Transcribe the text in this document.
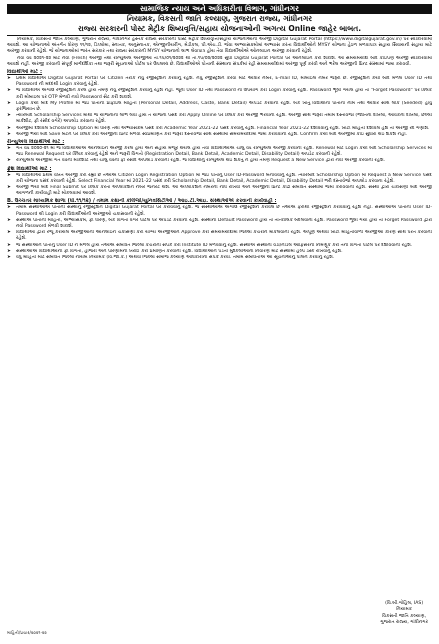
સામાજિક ન્યાય અને અધિકારીતા વિભાગ, ગાંધીનગર
નિયામક, વિકસતી જાતિ કલ્યાણ, ગુજરાત રાજ્ય, ગાંધીનગર
રાજ્ય સરકારની પોસ્ટ મેટ્રીક શિષ્યવૃત્તિ/સહાય યોજનાઓની અગત્ય Online જાહેર બાબત.

નિયામક, વિકસતી જાતિ કલ્યાણ, ગુજરાત રાજ્ય, ગાંધીનગર હસ્તક રાજ્ય સરકારની પોસ્ટ મેટ્રીક શિષ્યવૃત્તિ/સહાય યોજનાઓની અરજી Digital Gujarat Portal (https://www.digitalgujarat.gov.in) પર સ્વીકારવામાં આવશે. આ યોજનાઓ અંતર્ગત ધોરણ ૧૧/૧૨, ડિપ્લોમા, સ્નાતક, અનુસ્નાતક, એન્જીનીયરીંગ, મેડીકલ, પી.એચ.ડી. જેવા અભ્યાસક્રમોમાં અભ્યાસ કરતા વિદ્યાર્થીઓને MYSY યોજના હેઠળ મળવાપાત્ર સહાય સિવાયની સહાય માટે અરજી કરવાની રહેશે. જે યોજનાઓમાં ભારત સરકાર તથા રાજ્ય સરકારની MYSY યોજનાનો લાભ લેવાપાત્ર હોય તેવા વિદ્યાર્થીઓએ ઓનલાઇન અરજી કરવાની રહેશે.

નવા વર્ષ ૨૦૨૧-૨૨ માટે નવી (Fresh) અરજી તથા રીન્યુઅલ અરજીઓ તા.૧૫/૦૧/૨૦૨૨ થી તા.૧૫/૦૨/૨૦૨૨ સુધી Digital Gujarat Portal પર ઓનલાઇન કરી શકાશે. આ સમયમર્યાદા બાદ કોઇપણ અરજી સ્વીકારવામાં આવશે નહીં. અરજી કરવાની સંપૂર્ણ માર્ગદર્શિકા તથા જરૂરી સૂચનાઓ પોર્ટલ પર ઉપલબ્ધ છે. વિદ્યાર્થીઓએ પોતાની સંસ્થાના સંપર્કમાં રહી સમયમર્યાદામાં અરજી પૂર્ણ કરવી અને ભરેલ અરજીની પ્રિન્ટ સંસ્થામાં જમા કરાવવી.

વિદ્યાર્થીઓ માટે :
➤	પ્રથમ વિદ્યાર્થીએ Digital Gujarat Portal પર Citizen તરીકે નવું રજીસ્ટ્રેશન કરવાનું રહેશે. નવું રજીસ્ટ્રેશન કરવા માટે આધાર નંબર, E-mail ID, મોબાઇલ નંબર જરૂરી છે. રજીસ્ટ્રેશન કર્યા બાદ મળેલ User ID તથા Password ની મદદથી Login કરવાનું રહેશે.
➤	જે વિદ્યાર્થીએ અગાઉ રજીસ્ટ્રેશન કરેલ હોય તેમણે નવું રજીસ્ટ્રેશન કરવાનું રહેશે નહીં. જૂના User ID તથા Password નો ઉપયોગ કરી Login કરવાનું રહેશે. Password ભૂલી ગયેલ હોય તો "Forget Password" પર ક્લિક કરી મોબાઇલ પર OTP મેળવી નવો Password સેટ કરી શકાશે.
➤	Login કર્યા બાદ My Profile માં જઇ પોતાની પ્રોફાઇલ માહિતી (Personal Detail, Address, Caste, Bank Detail) અપડેટ કરવાની રહેશે. બેંક ખાતું વિદ્યાર્થીના પોતાના નામે તથા આધાર સાથે લીંક (Seeded) હોવું ફરજિયાત છે.
➤	ત્યારબાદ Scholarship Services માંથી જે યોજનાનો લાભ લેવો હોય તે યોજના પસંદ કરી Apply Online પર ક્લિક કરી અરજી ભરવાની રહેશે. અરજી સાથે જરૂરી તમામ દસ્તાવેજો (જાતિનો દાખલો, આવકનો દાખલો, છેલ્લી માર્કશીટ, ફી રસીદ વગેરે) અપલોડ કરવાના રહેશે.
➤	અરજીમાં દર્શાવેલ Scholarship Option માં ધોરણ તથા અભ્યાસક્રમ પસંદ કરી Academic Year 2021-22 પસંદ કરવાનું રહેશે. Financial Year 2021-22 દર્શાવવાનું રહેશે. ખોટી માહિતી દર્શાવેલ હશે તો અરજી રદ ગણાશે.
➤	અરજી ભર્યા બાદ Save બટન પર ક્લિક કરી અરજીની પ્રિન્ટ મેળવી સ્વપ્રમાણિત કરી જરૂરી દસ્તાવેજો સાથે સંસ્થામાં સમયમર્યાદામાં જમા કરાવવાની રહેશે. Confirm કર્યા બાદ અરજીમાં કોઇ સુધારો થઇ શકશે નહીં.
રીન્યુઅલ વિદ્યાર્થીઓ માટે :
➤	ગત વર્ષે ૨૦૨૦-૨૧ માં જે વિદ્યાર્થીઓએ ઓનલાઇન અરજી કરેલ હોય અને સહાય મંજૂર થયેલ હોય તેવા વિદ્યાર્થીઓએ ચાલુ વર્ષે રીન્યુઅલ અરજી કરવાની રહેશે. Renewal માટે Login કર્યા બાદ Scholarship Services માં જઇ Renewal Request પર ક્લિક કરવાનું રહેશે અને જરૂરી વિગતો (Registration Detail, Bank Detail, Academic Detail, Disability Detail) અપડેટ કરવાની રહેશે.
➤	રીન્યુઅલ અરજીમાં ગત વર્ષની માર્કશીટ તથા ચાલુ વર્ષની ફી રસીદ અપલોડ કરવાની રહેશે. જે વિદ્યાર્થીનું રીન્યુઅલ થઇ શકતું ન હોય તેમણે Request a New Service દ્વારા નવી અરજી કરવાની રહેશે.
ફ્રેશ વિદ્યાર્થીઓ માટે :
➤	જે વિદ્યાર્થીઓ પ્રથમ વખત અરજી કરી રહ્યા છે તેઓએ Citizen Login Registration Option માં જઇ પોતાનું User ID-Password બનાવવાનું રહેશે. ત્યારબાદ Scholarship Option માં Request a New Service પસંદ કરી યોજના પસંદ કરવાની રહેશે. Select Financial Year માં 2021-22 પસંદ કરી Scholarship Detail, Bank Detail, Academic Detail, Disability Detail ભરી દસ્તાવેજો અપલોડ કરવાના રહેશે.
➤	અરજી ભર્યા બાદ Final Submit પર ક્લિક કરતાં એપ્લીકેશન નંબર જનરેટ થશે. આ એપ્લીકેશન નંબરની નોંધ રાખવી અને અરજીની પ્રિન્ટ કાઢી સંબંધિત સંસ્થામાં જમા કરાવવાની રહેશે. સંસ્થા દ્વારા ચકાસણી બાદ અરજી આગળની કાર્યવાહી માટે મોકલવામાં આવશે.
B. ઉચ્ચતર માધ્યમિક શાળા (ધો.૧૧/૧૨) / તમામ કક્ષાની કોલેજો/યુનિવર્સિટીઓ / આઇ.ટી.આઇ. સંસ્થાઓએ કરવાની કાર્યવાહી :
➤	તમામ સંસ્થાઓએ પોતાની સંસ્થાનું રજીસ્ટ્રેશન Digital Gujarat Portal પર કરાવવાનું રહેશે. જે સંસ્થાઓએ અગાઉ રજીસ્ટ્રેશન કરાવેલ છે તેઓએ ફરીથી રજીસ્ટ્રેશન કરાવવાનું રહેશે નહીં. સંસ્થાઓએ પોતાના User ID-Password થી Login કરી વિદ્યાર્થીઓની અરજીઓ ચકાસવાની રહેશે.
➤	સંસ્થાએ પોતાની માહિતી, અભ્યાસક્રમ, ફી ધોરણ, બેંક વિગતો વગેરે પોર્ટલ પર અપડેટ કરવાની રહેશે. સંસ્થાનો Default Password હોય તો તાત્કાલિક બદલવાનો રહેશે. Password ભૂલી ગયા હોય તો Forget Password દ્વારા નવો Password મેળવી શકાશે.
➤	વિદ્યાર્થીઓ દ્વારા રજૂ કરાયેલ અરજીઓની ઓનલાઇન ચકાસણી કરી યોગ્ય અરજીઓને Approve કરી સમયમર્યાદામાં જિલ્લા કચેરીને મોકલવાની રહેશે. અપૂર્ણ અથવા ખોટી માહિતીવાળી અરજીઓ કારણ સાથે પરત કરવાની રહેશે.
➤	જે સંસ્થાઓને પોતાનું User ID ન મળેલ હોય તેઓએ સંબંધિત જિલ્લા કચેરીનો સંપર્ક કરી Institute ID મેળવવાનું રહેશે. સંસ્થાએ સંસ્થાના વડા/નોડલ ઓફિસરની નિમણૂક કરી તેની વિગતો પોર્ટલ પર દર્શાવવાની રહેશે.
➤	સંસ્થાઓએ વિદ્યાર્થીઓની ફી વિગતો, હાજરી અને પરિણામની ખરાઈ કરી પ્રમાણિત કરવાની રહેશે. વિદ્યાર્થીઓને પડતી મુશ્કેલીઓના નિવારણ માટે સંસ્થામાં હેલ્પ ડેસ્ક રાખવાનું રહેશે.
➤	વધુ માહિતી માટે સંબંધિત જિલ્લા નાયબ નિયામક (વિ.જા.ક.) અથવા જિલ્લા સમાજ કલ્યાણ અધિકારીનો સંપર્ક કરવો. તમામ સંબંધિતોએ આ સૂચનાઓનું પાલન કરવાનું રહેશે.
(વિ.બી.ગોહિલ, IAS)
નિયામક
વિકસતી જાતિ કલ્યાણ,
ગુજરાત રાજ્ય, ગાંધીનગર
માહિતી/પ્રચાર/૨૦૨૧-૨૨
